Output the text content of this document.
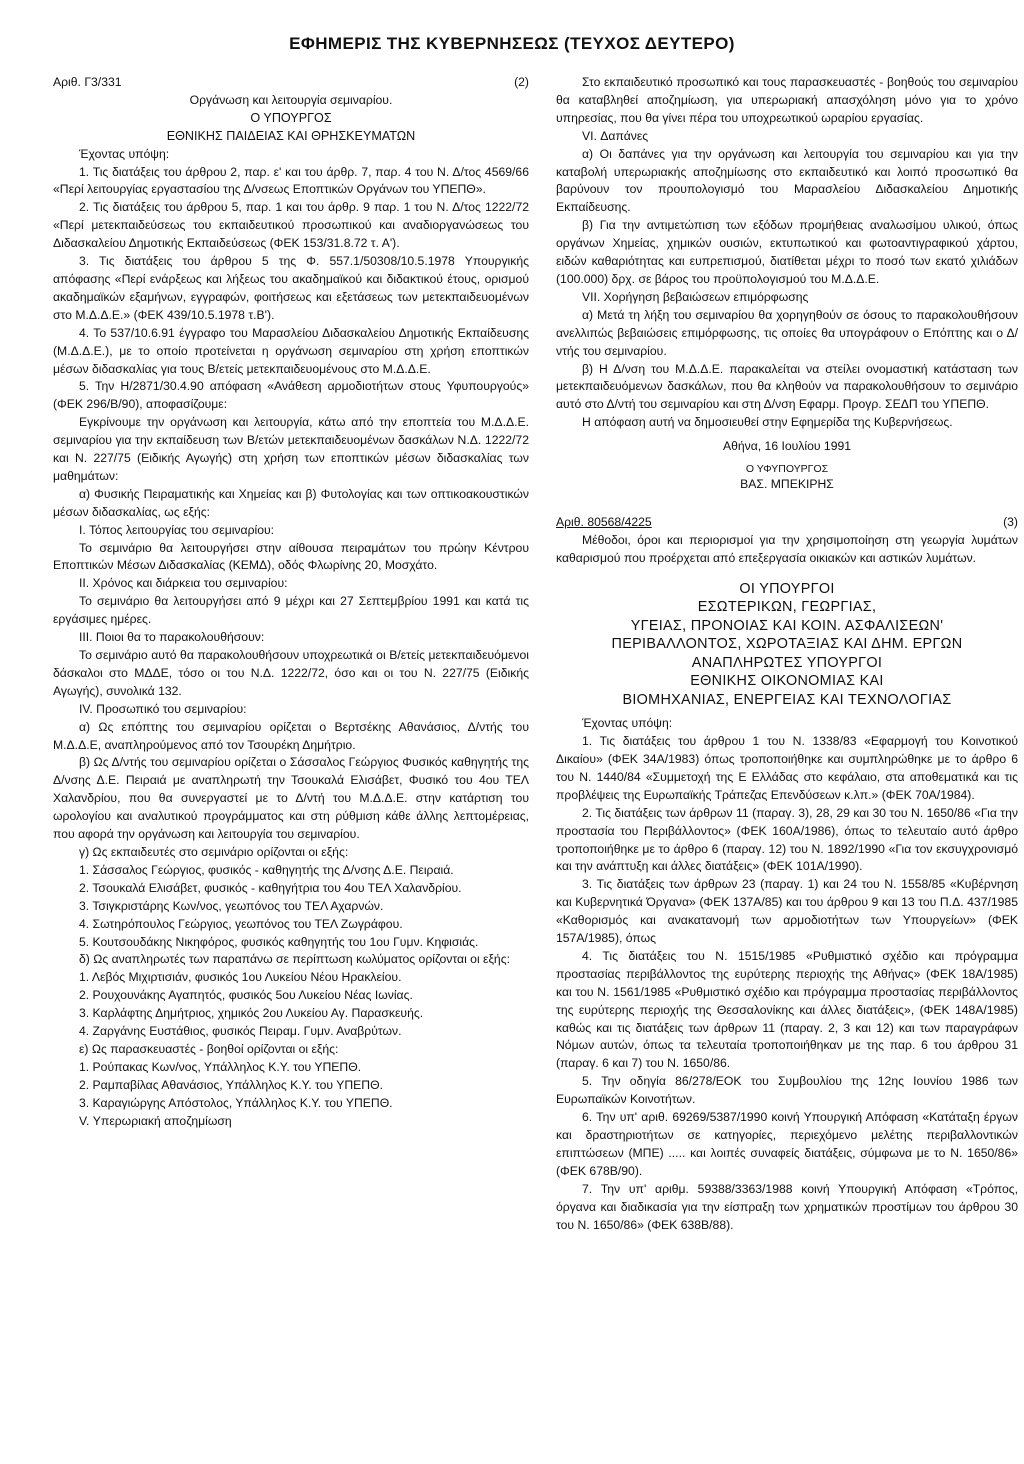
ΕΦΗΜΕΡΙΣ ΤΗΣ ΚΥΒΕΡΝΗΣΕΩΣ (ΤΕΥΧΟΣ ΔΕΥΤΕΡΟ)
Αριθ. Γ3/331	(2)

Οργάνωση και λειτουργία σεμιναρίου.

Ο ΥΠΟΥΡΓΟΣ

ΕΘΝΙΚΗΣ ΠΑΙΔΕΙΑΣ ΚΑΙ ΘΡΗΣΚΕΥΜΑΤΩΝ

Έχοντας υπόψη:

1. Τις διατάξεις του άρθρου 2, παρ. ε' και του άρθρ. 7, παρ. 4 του Ν. Δ/τος 4569/66 «Περί λειτουργίας εργαστασίου της Δ/νσεως Εποπτικών Οργάνων του ΥΠΕΠΘ».

2. Τις διατάξεις του άρθρου 5, παρ. 1 και του άρθρ. 9 παρ. 1 του Ν. Δ/τος 1222/72 «Περί μετεκπαιδεύσεως του εκπαιδευτικού προσωπικού και αναδιοργανώσεως του Διδασκαλείου Δημοτικής Εκπαιδεύσεως (ΦΕΚ 153/31.8.72 τ. Α').

3. Τις διατάξεις του άρθρου 5 της Φ. 557.1/50308/10.5.1978 Υπουργικής απόφασης «Περί ενάρξεως και λήξεως του ακαδημαϊκού και διδακτικού έτους, ορισμού ακαδημαϊκών εξαμήνων, εγγραφών, φοιτήσεως και εξετάσεως των μετεκπαιδευομένων στο Μ.Δ.Δ.Ε.» (ΦΕΚ 439/10.5.1978 τ.Β').

4. Το 537/10.6.91 έγγραφο του Μαρασλείου Διδασκαλείου Δημοτικής Εκπαίδευσης (Μ.Δ.Δ.Ε.), με το οποίο προτείνεται η οργάνωση σεμιναρίου στη χρήση εποπτικών μέσων διδασκαλίας για τους Β/ετείς μετεκπαιδευομένους στο Μ.Δ.Δ.Ε.

5. Την Η/2871/30.4.90 απόφαση «Ανάθεση αρμοδιοτήτων στους Υφυπουργούς» (ΦΕΚ 296/Β/90), αποφασίζουμε:

Εγκρίνουμε την οργάνωση και λειτουργία, κάτω από την εποπτεία του Μ.Δ.Δ.Ε. σεμιναρίου για την εκπαίδευση των Β/ετών μετεκπαιδευομένων δασκάλων Ν.Δ. 1222/72 και Ν. 227/75 (Ειδικής Αγωγής) στη χρήση των εποπτικών μέσων διδασκαλίας των μαθημάτων:

α) Φυσικής Πειραματικής και Χημείας και β) Φυτολογίας και των οπτικοακουστικών μέσων διδασκαλίας, ως εξής:

Ι. Τόπος λειτουργίας του σεμιναρίου:

Το σεμινάριο θα λειτουργήσει στην αίθουσα πειραμάτων του πρώην Κέντρου Εποπτικών Μέσων Διδασκαλίας (ΚΕΜΔ), οδός Φλωρίνης 20, Μοσχάτο.

ΙΙ. Χρόνος και διάρκεια του σεμιναρίου:

Το σεμινάριο θα λειτουργήσει από 9 μέχρι και 27 Σεπτεμβρίου 1991 και κατά τις εργάσιμες ημέρες.

ΙΙΙ. Ποιοι θα το παρακολουθήσουν:

Το σεμινάριο αυτό θα παρακολουθήσουν υποχρεωτικά οι Β/ετείς μετεκπαιδευόμενοι δάσκαλοι στο ΜΔΔΕ, τόσο οι του Ν.Δ. 1222/72, όσο και οι του Ν. 227/75 (Ειδικής Αγωγής), συνολικά 132.

ΙV. Προσωπικό του σεμιναρίου:

α) Ως επόπτης του σεμιναρίου ορίζεται ο Βερτσέκης Αθανάσιος, Δ/ντής του Μ.Δ.Δ.Ε, αναπληρούμενος από τον Τσουρέκη Δημήτριο.

β) Ως Δ/ντής του σεμιναρίου ορίζεται ο Σάσσαλος Γεώργιος Φυσικός καθηγητής της Δ/νσης Δ.Ε. Πειραιά με αναπληρωτή την Τσουκαλά Ελισάβετ, Φυσικό του 4ου ΤΕΛ Χαλανδρίου, που θα συνεργαστεί με το Δ/ντή του Μ.Δ.Δ.Ε. στην κατάρτιση του ωρολογίου και αναλυτικού προγράμματος και στη ρύθμιση κάθε άλλης λεπτομέρειας, που αφορά την οργάνωση και λειτουργία του σεμιναρίου.

γ) Ως εκπαιδευτές στο σεμινάριο ορίζονται οι εξής:

1. Σάσσαλος Γεώργιος, φυσικός - καθηγητής της Δ/νσης Δ.Ε. Πειραιά.

2. Τσουκαλά Ελισάβετ, φυσικός - καθηγήτρια του 4ου ΤΕΛ Χαλανδρίου.

3. Τσιγκριστάρης Κων/νος, γεωπόνος του ΤΕΛ Αχαρνών.

4. Σωτηρόπουλος Γεώργιος, γεωπόνος του ΤΕΛ Ζωγράφου.

5. Κουτσουδάκης Νικηφόρος, φυσικός καθηγητής του 1ου Γυμν. Κηφισιάς.

δ) Ως αναπληρωτές των παραπάνω σε περίπτωση κωλύματος ορίζονται οι εξής:

1. Λεβός Μιχιρτισιάν, φυσικός 1ου Λυκείου Νέου Ηρακλείου.

2. Ρουχουνάκης Αγαπητός, φυσικός 5ου Λυκείου Νέας Ιωνίας.

3. Καρλάφτης Δημήτριος, χημικός 2ου Λυκείου Αγ. Παρασκευής.

4. Ζαργάνης Ευστάθιος, φυσικός Πειραμ. Γυμν. Αναβρύτων.

ε) Ως παρασκευαστές - βοηθοί ορίζονται οι εξής:

1. Ρούπακας Κων/νος, Υπάλληλος Κ.Υ. του ΥΠΕΠΘ.

2. Ραμπαβίλας Αθανάσιος, Υπάλληλος Κ.Υ. του ΥΠΕΠΘ.

3. Καραγιώργης Απόστολος, Υπάλληλος Κ.Υ. του ΥΠΕΠΘ.

V. Υπερωριακή αποζημίωση

Στο εκπαιδευτικό προσωπικό και τους παρασκευαστές - βοηθούς του σεμιναρίου θα καταβληθεί αποζημίωση, για υπερωριακή απασχόληση μόνο για το χρόνο υπηρεσίας, που θα γίνει πέρα του υποχρεωτικού ωραρίου εργασίας.

VI. Δαπάνες

α) Οι δαπάνες για την οργάνωση και λειτουργία του σεμιναρίου και για την καταβολή υπερωριακής αποζημίωσης στο εκπαιδευτικό και λοιπό προσωπικό θα βαρύνουν τον προυπολογισμό του Μαρασλείου Διδασκαλείου Δημοτικής Εκπαίδευσης.

β) Για την αντιμετώπιση των εξόδων προμήθειας αναλωσίμου υλικού, όπως οργάνων Χημείας, χημικών ουσιών, εκτυπωτικού και φωτοαντιγραφικού χάρτου, ειδών καθαριότητας και ευπρεπισμού, διατίθεται μέχρι το ποσό των εκατό χιλιάδων (100.000) δρχ. σε βάρος του προϋπολογισμού του Μ.Δ.Δ.Ε.

VII. Χορήγηση βεβαιώσεων επιμόρφωσης

α) Μετά τη λήξη του σεμιναρίου θα χορηγηθούν σε όσους το παρακολουθήσουν ανελλιπώς βεβαιώσεις επιμόρφωσης, τις οποίες θα υπογράφουν ο Επόπτης και ο Δ/ντής του σεμιναρίου.

β) Η Δ/νση του Μ.Δ.Δ.Ε. παρακαλείται να στείλει ονομαστική κατάσταση των μετεκπαιδευόμενων δασκάλων, που θα κληθούν να παρακολουθήσουν το σεμινάριο αυτό στο Δ/ντή του σεμιναρίου και στη Δ/νση Εφαρμ. Προγρ. ΣΕΔΠ του ΥΠΕΠΘ.

Η απόφαση αυτή να δημοσιευθεί στην Εφημερίδα της Κυβερνήσεως.

Αθήνα, 16 Ιουλίου 1991

Ο ΥΦΥΠΟΥΡΓΟΣ

ΒΑΣ. ΜΠΕΚΙΡΗΣ

Αριθ. 80568/4225	(3)

Μέθοδοι, όροι και περιορισμοί για την χρησιμοποίηση στη γεωργία λυμάτων καθαρισμού που προέρχεται από επεξεργασία οικιακών και αστικών λυμάτων.

ΟΙ ΥΠΟΥΡΓΟΙ

ΕΣΩΤΕΡΙΚΩΝ, ΓΕΩΡΓΙΑΣ,

ΥΓΕΙΑΣ, ΠΡΟΝΟΙΑΣ ΚΑΙ ΚΟΙΝ. ΑΣΦΑΛΙΣΕΩΝ'

ΠΕΡΙΒΑΛΛΟΝΤΟΣ, ΧΩΡΟΤΑΞΙΑΣ ΚΑΙ ΔΗΜ. ΕΡΓΩΝ

ΑΝΑΠΛΗΡΩΤΕΣ ΥΠΟΥΡΓΟΙ

ΕΘΝΙΚΗΣ ΟΙΚΟΝΟΜΙΑΣ ΚΑΙ

ΒΙΟΜΗΧΑΝΙΑΣ, ΕΝΕΡΓΕΙΑΣ ΚΑΙ ΤΕΧΝΟΛΟΓΙΑΣ

Έχοντας υπόψη:

1. Τις διατάξεις του άρθρου 1 του Ν. 1338/83 «Εφαρμογή του Κοινοτικού Δικαίου» (ΦΕΚ 34Α/1983) όπως τροποποιήθηκε και συμπληρώθηκε με το άρθρο 6 του Ν. 1440/84 «Συμμετοχή της Ε Ελλάδας στο κεφάλαιο, στα αποθεματικά και τις προβλέψεις της Ευρωπαϊκής Τράπεζας Επενδύσεων κ.λπ.» (ΦΕΚ 70Α/1984).

2. Τις διατάξεις των άρθρων 11 (παραγ. 3), 28, 29 και 30 του Ν. 1650/86 «Για την προστασία του Περιβάλλοντος» (ΦΕΚ 160Α/1986), όπως το τελευταίο αυτό άρθρο τροποποιήθηκε με το άρθρο 6 (παραγ. 12) του Ν. 1892/1990 «Για τον εκσυγχρονισμό και την ανάπτυξη και άλλες διατάξεις» (ΦΕΚ 101Α/1990).

3. Τις διατάξεις των άρθρων 23 (παραγ. 1) και 24 του Ν. 1558/85 «Κυβέρνηση και Κυβερνητικά Όργανα» (ΦΕΚ 137Α/85) και του άρθρου 9 και 13 του Π.Δ. 437/1985 «Καθορισμός και ανακατανομή των αρμοδιοτήτων των Υπουργείων» (ΦΕΚ 157Α/1985), όπως

4. Τις διατάξεις του Ν. 1515/1985 «Ρυθμιστικό σχέδιο και πρόγραμμα προστασίας περιβάλλοντος της ευρύτερης περιοχής της Αθήνας» (ΦΕΚ 18Α/1985) και του Ν. 1561/1985 «Ρυθμιστικό σχέδιο και πρόγραμμα προστασίας περιβάλλοντος της ευρύτερης περιοχής της Θεσσαλονίκης και άλλες διατάξεις», (ΦΕΚ 148Α/1985) καθώς και τις διατάξεις των άρθρων 11 (παραγ. 2, 3 και 12) και των παραγράφων Νόμων αυτών, όπως τα τελευταία τροποποιήθηκαν με της παρ. 6 του άρθρου 31 (παραγ. 6 και 7) του Ν. 1650/86.

5. Την οδηγία 86/278/ΕΟΚ του Συμβουλίου της 12ης Ιουνίου 1986 των Ευρωπαϊκών Κοινοτήτων.

6. Την υπ' αριθ. 69269/5387/1990 κοινή Υπουργική Απόφαση «Κατάταξη έργων και δραστηριοτήτων σε κατηγορίες, περιεχόμενο μελέτης περιβαλλοντικών επιπτώσεων (ΜΠΕ) ..... και λοιπές συναφείς διατάξεις, σύμφωνα με το Ν. 1650/86» (ΦΕΚ 678Β/90).

7. Την υπ' αριθμ. 59388/3363/1988 κοινή Υπουργική Απόφαση «Τρόπος, όργανα και διαδικασία για την είσπραξη των χρηματικών προστίμων του άρθρου 30 του Ν. 1650/86» (ΦΕΚ 638Β/88).
